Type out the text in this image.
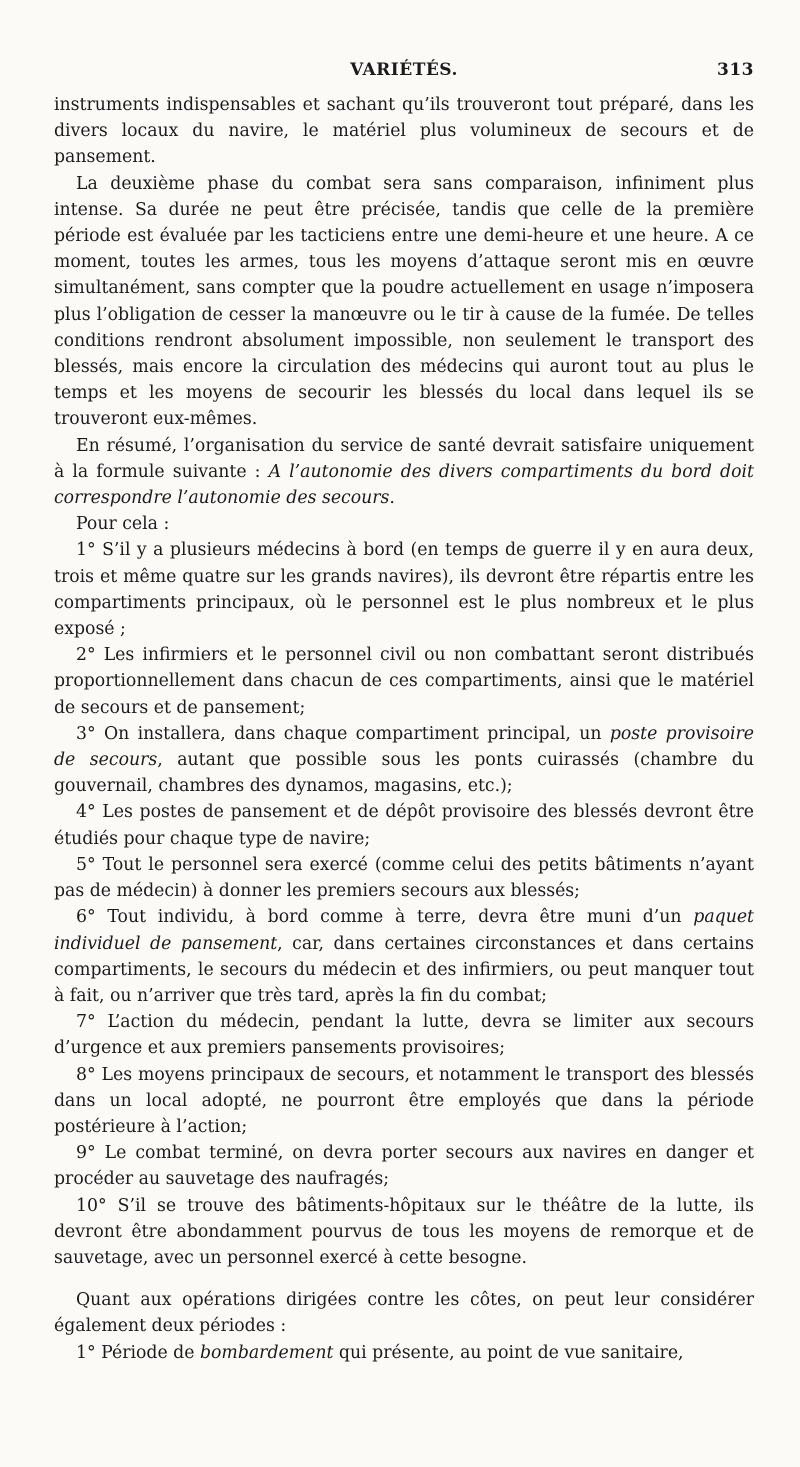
VARIÉTÉS.	313

instruments indispensables et sachant qu’ils trouveront tout préparé, dans les divers locaux du navire, le matériel plus volumineux de secours et de pansement.

La deuxième phase du combat sera sans comparaison, infiniment plus intense. Sa durée ne peut être précisée, tandis que celle de la première période est évaluée par les tacticiens entre une demi-heure et une heure. A ce moment, toutes les armes, tous les moyens d’attaque seront mis en œuvre simultanément, sans compter que la poudre actuellement en usage n’imposera plus l’obligation de cesser la manœuvre ou le tir à cause de la fumée. De telles conditions rendront absolument impossible, non seulement le transport des blessés, mais encore la circulation des médecins qui auront tout au plus le temps et les moyens de secourir les blessés du local dans lequel ils se trouveront eux-mêmes.

En résumé, l’organisation du service de santé devrait satisfaire uniquement à la formule suivante : A l’autonomie des divers compartiments du bord doit correspondre l’autonomie des secours.

Pour cela :

1° S’il y a plusieurs médecins à bord (en temps de guerre il y en aura deux, trois et même quatre sur les grands navires), ils devront être répartis entre les compartiments principaux, où le personnel est le plus nombreux et le plus exposé ;

2° Les infirmiers et le personnel civil ou non combattant seront distribués proportionnellement dans chacun de ces compartiments, ainsi que le matériel de secours et de pansement;

3° On installera, dans chaque compartiment principal, un poste provisoire de secours, autant que possible sous les ponts cuirassés (chambre du gouvernail, chambres des dynamos, magasins, etc.);

4° Les postes de pansement et de dépôt provisoire des blessés devront être étudiés pour chaque type de navire;

5° Tout le personnel sera exercé (comme celui des petits bâtiments n’ayant pas de médecin) à donner les premiers secours aux blessés;

6° Tout individu, à bord comme à terre, devra être muni d’un paquet individuel de pansement, car, dans certaines circonstances et dans certains compartiments, le secours du médecin et des infirmiers, ou peut manquer tout à fait, ou n’arriver que très tard, après la fin du combat;

7° L’action du médecin, pendant la lutte, devra se limiter aux secours d’urgence et aux premiers pansements provisoires;

8° Les moyens principaux de secours, et notamment le transport des blessés dans un local adopté, ne pourront être employés que dans la période postérieure à l’action;

9° Le combat terminé, on devra porter secours aux navires en danger et procéder au sauvetage des naufragés;

10° S’il se trouve des bâtiments-hôpitaux sur le théâtre de la lutte, ils devront être abondamment pourvus de tous les moyens de remorque et de sauvetage, avec un personnel exercé à cette besogne.

Quant aux opérations dirigées contre les côtes, on peut leur considérer également deux périodes :

1° Période de bombardement qui présente, au point de vue sanitaire,
